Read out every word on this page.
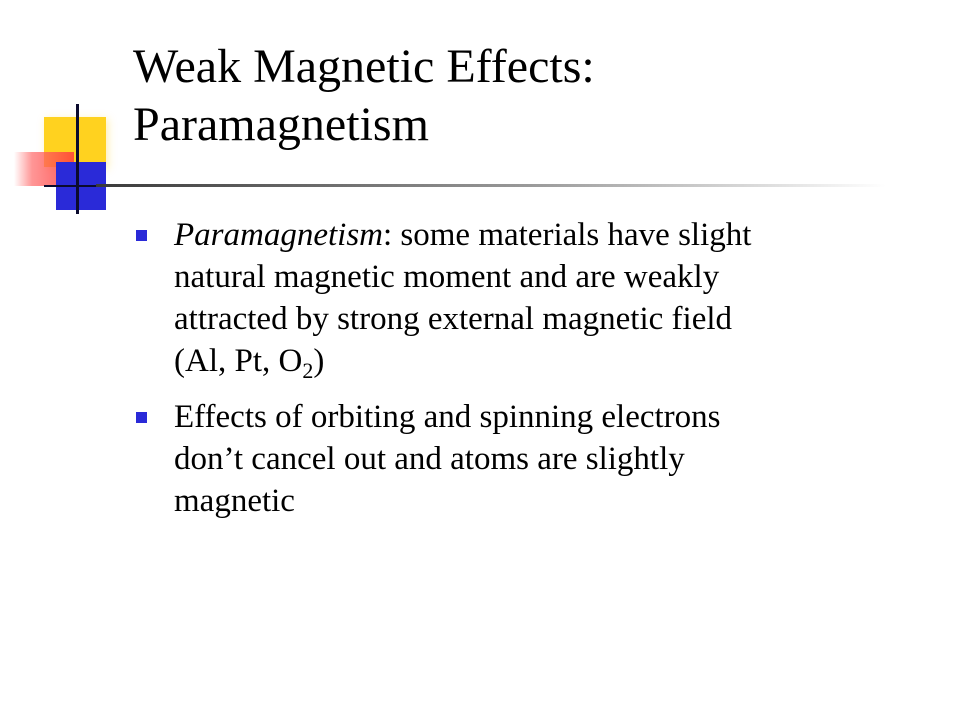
Weak Magnetic Effects:
Paramagnetism
Paramagnetism: some materials have slight
natural magnetic moment and are weakly
attracted by strong external magnetic field
(Al, Pt, $O_2$)
Effects of orbiting and spinning electrons
don’t cancel out and atoms are slightly
magnetic
